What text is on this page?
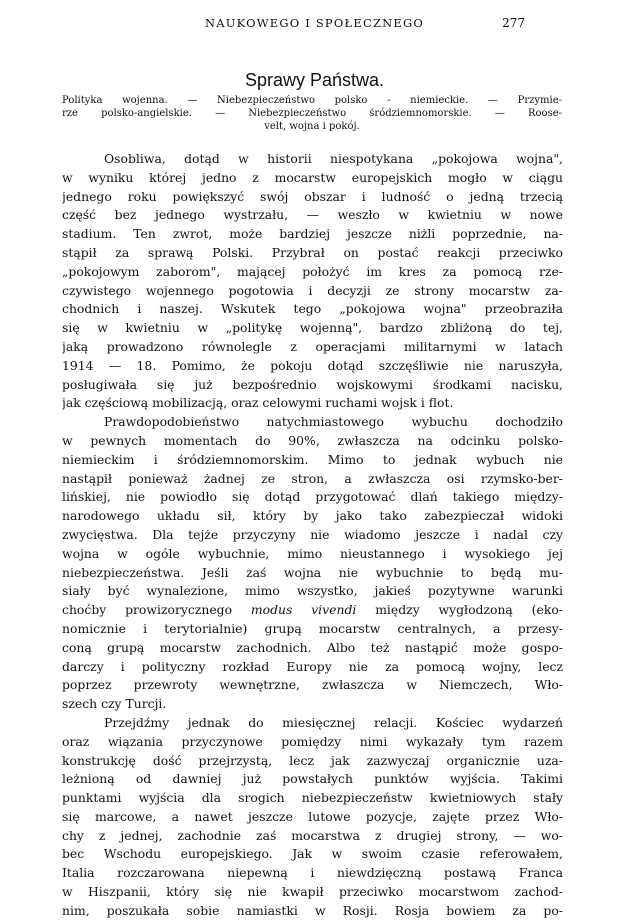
NAUKOWEGO I SPOŁECZNEGO	277
Sprawy Państwa.
Polityka wojenna. — Niebezpieczeństwo polsko - niemieckie. — Przymie-
rze polsko-angielskie. — Niebezpieczeństwo śródziemnomorskie. — Roose-
velt, wojna i pokój.
Osobliwa, dotąd w historii niespotykana „pokojowa wojna",
w wyniku której jedno z mocarstw europejskich mogło w ciągu
jednego roku powiększyć swój obszar i ludność o jedną trzecią
część bez jednego wystrzału, — weszło w kwietniu w nowe
stadium. Ten zwrot, może bardziej jeszcze niżli poprzednie, na-
stąpił za sprawą Polski. Przybrał on postać reakcji przeciwko
„pokojowym zaborom", mającej położyć im kres za pomocą rze-
czywistego wojennego pogotowia i decyzji ze strony mocarstw za-
chodnich i naszej. Wskutek tego „pokojowa wojna" przeobraziła
się w kwietniu w „politykę wojenną", bardzo zbliżoną do tej,
jaką prowadzono równolegle z operacjami militarnymi w latach
1914 — 18. Pomimo, że pokoju dotąd szczęśliwie nie naruszyła,
posługiwała się już bezpośrednio wojskowymi środkami nacisku,
jak częściową mobilizacją, oraz celowymi ruchami wojsk i flot.
Prawdopodobieństwo natychmiastowego wybuchu dochodziło
w pewnych momentach do 90%, zwłaszcza na odcinku polsko-
niemieckim i śródziemnomorskim. Mimo to jednak wybuch nie
nastąpił ponieważ żadnej ze stron, a zwłaszcza osi rzymsko-ber-
lińskiej, nie powiodło się dotąd przygotować dlań takiego między-
narodowego układu sił, który by jako tako zabezpieczał widoki
zwycięstwa. Dla tejże przyczyny nie wiadomo jeszcze i nadal czy
wojna w ogóle wybuchnie, mimo nieustannego i wysokiego jej
niebezpieczeństwa. Jeśli zaś wojna nie wybuchnie to będą mu-
siały być wynalezione, mimo wszystko, jakieś pozytywne warunki
choćby prowizorycznego modus vivendi między wygłodzoną (eko-
nomicznie i terytorialnie) grupą mocarstw centralnych, a przesy-
coną grupą mocarstw zachodnich. Albo też nastąpić może gospo-
darczy i polityczny rozkład Europy nie za pomocą wojny, lecz
poprzez przewroty wewnętrzne, zwłaszcza w Niemczech, Wło-
szech czy Turcji.
Przejdźmy jednak do miesięcznej relacji. Kościec wydarzeń
oraz wiązania przyczynowe pomiędzy nimi wykazały tym razem
konstrukcję dość przejrzystą, lecz jak zazwyczaj organicznie uza-
leżnioną od dawniej już powstałych punktów wyjścia. Takimi
punktami wyjścia dla srogich niebezpieczeństw kwietniowych stały
się marcowe, a nawet jeszcze lutowe pozycje, zajęte przez Wło-
chy z jednej, zachodnie zaś mocarstwa z drugiej strony, — wo-
bec Wschodu europejskiego. Jak w swoim czasie referowałem,
Italia rozczarowana niepewną i niewdzięczną postawą Franca
w Hiszpanii, który się nie kwapił przeciwko mocarstwom zachod-
nim, poszukała sobie namiastki w Rosji. Rosja bowiem za po-
